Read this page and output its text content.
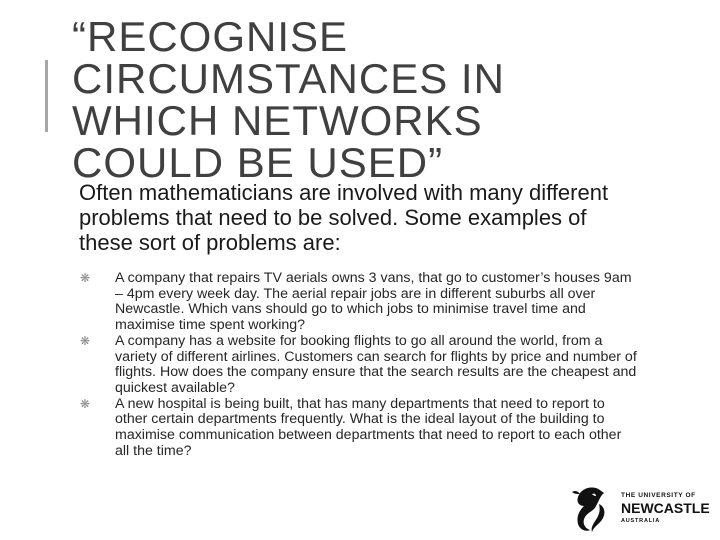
“RECOGNISE
CIRCUMSTANCES IN
WHICH NETWORKS
COULD BE USED”

Often mathematicians are involved with many different problems that need to be solved. Some examples of these sort of problems are:

❋ A company that repairs TV aerials owns 3 vans, that go to customer’s houses 9am – 4pm every week day. The aerial repair jobs are in different suburbs all over Newcastle. Which vans should go to which jobs to minimise travel time and maximise time spent working?
❋ A company has a website for booking flights to go all around the world, from a variety of different airlines. Customers can search for flights by price and number of flights. How does the company ensure that the search results are the cheapest and quickest available?
❋ A new hospital is being built, that has many departments that need to report to other certain departments frequently. What is the ideal layout of the building to maximise communication between departments that need to report to each other all the time?
THE UNIVERSITY OF
NEWCASTLE
AUSTRALIA
